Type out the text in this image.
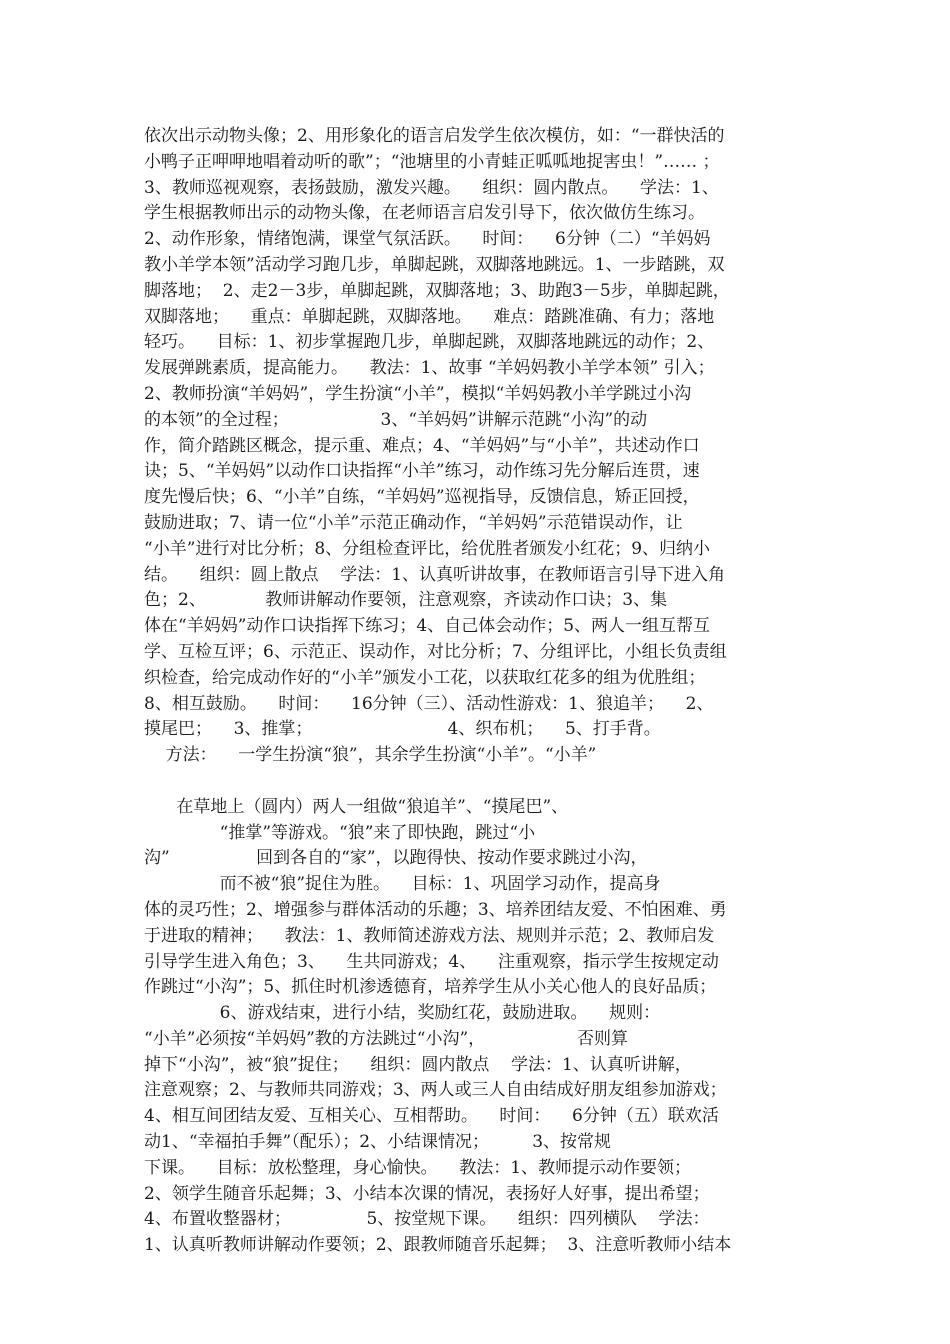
依次出示动物头像；2、用形象化的语言启发学生依次模仿，如：“一群快活的
小鸭子正呷呷地唱着动听的歌”；“池塘里的小青蛙正呱呱地捉害虫！”…… ；
3、教师巡视观察，表扬鼓励，激发兴趣。    组织：圆内散点。    学法：1、
学生根据教师出示的动物头像，在老师语言启发引导下，依次做仿生练习。
2、动作形象，情绪饱满，课堂气氛活跃。    时间：    6分钟（二）“羊妈妈
教小羊学本领”活动学习跑几步，单脚起跳，双脚落地跳远。1、一步踏跳，双
脚落地；  2、走2－3步，单脚起跳，双脚落地；3、助跑3－5步，单脚起跳，
双脚落地；    重点：单脚起跳，双脚落地。    难点：踏跳准确、有力；落地
轻巧。    目标：1、初步掌握跑几步，单脚起跳，双脚落地跳远的动作；2、
发展弹跳素质，提高能力。    教法：1、故事 “羊妈妈教小羊学本领” 引入；
2、教师扮演“羊妈妈”，学生扮演“小羊”，模拟“羊妈妈教小羊学跳过小沟
的本领”的全过程；                 3、“羊妈妈”讲解示范跳“小沟”的动
作，简介踏跳区概念，提示重、难点；4、“羊妈妈”与“小羊”，共述动作口
诀；5、“羊妈妈”以动作口诀指挥“小羊”练习，动作练习先分解后连贯，速
度先慢后快；6、“小羊”自练，“羊妈妈”巡视指导，反馈信息，矫正回授，
鼓励进取；7、请一位“小羊”示范正确动作，“羊妈妈”示范错误动作，让
“小羊”进行对比分析；8、分组检查评比，给优胜者颁发小红花；9、归纳小
结。    组织：圆上散点    学法：1、认真听讲故事，在教师语言引导下进入角
色；2、           教师讲解动作要领，注意观察，齐读动作口诀；3、集
体在“羊妈妈”动作口诀指挥下练习；4、自己体会动作；5、两人一组互帮互
学、互检互评；6、示范正、误动作，对比分析；7、分组评比，小组长负责组
织检查，给完成动作好的“小羊”颁发小工花，以获取红花多的组为优胜组；
8、相互鼓励。    时间：    16分钟（三）、活动性游戏：1、狼追羊；    2、
摸尾巴；    3、推掌；                         4、织布机；    5、打手背。
方法：    一学生扮演“狼”，其余学生扮演“小羊”。“小羊”
在草地上（圆内）两人一组做“狼追羊”、“摸尾巴”、
“推掌”等游戏。“狼”来了即快跑，跳过“小
沟”                回到各自的“家”，以跑得快、按动作要求跳过小沟，
而不被“狼”捉住为胜。    目标：1、巩固学习动作，提高身
体的灵巧性；2、增强参与群体活动的乐趣；3、培养团结友爱、不怕困难、勇
于进取的精神；    教法：1、教师简述游戏方法、规则并示范；2、教师启发
引导学生进入角色；3、    生共同游戏；4、    注重观察，指示学生按规定动
作跳过“小沟”；5、抓住时机渗透德育，培养学生从小关心他人的良好品质；
6、游戏结束，进行小结，奖励红花，鼓励进取。    规则：
“小羊”必须按“羊妈妈”教的方法跳过“小沟”，                 否则算
掉下“小沟”，被“狼”捉住；    组织：圆内散点    学法：1、认真听讲解，
注意观察；2、与教师共同游戏；3、两人或三人自由结成好朋友组参加游戏；
4、相互间团结友爱、互相关心、互相帮助。    时间：    6分钟（五）联欢活
动1、“幸福拍手舞”（配乐）；2、小结课情况；        3、按常规
下课。    目标：放松整理，身心愉快。    教法：1、教师提示动作要领；
2、领学生随音乐起舞；3、小结本次课的情况，表扬好人好事，提出希望；
4、布置收整器材；              5、按堂规下课。    组织：四列横队    学法：
1、认真听教师讲解动作要领；2、跟教师随音乐起舞；  3、注意听教师小结本
